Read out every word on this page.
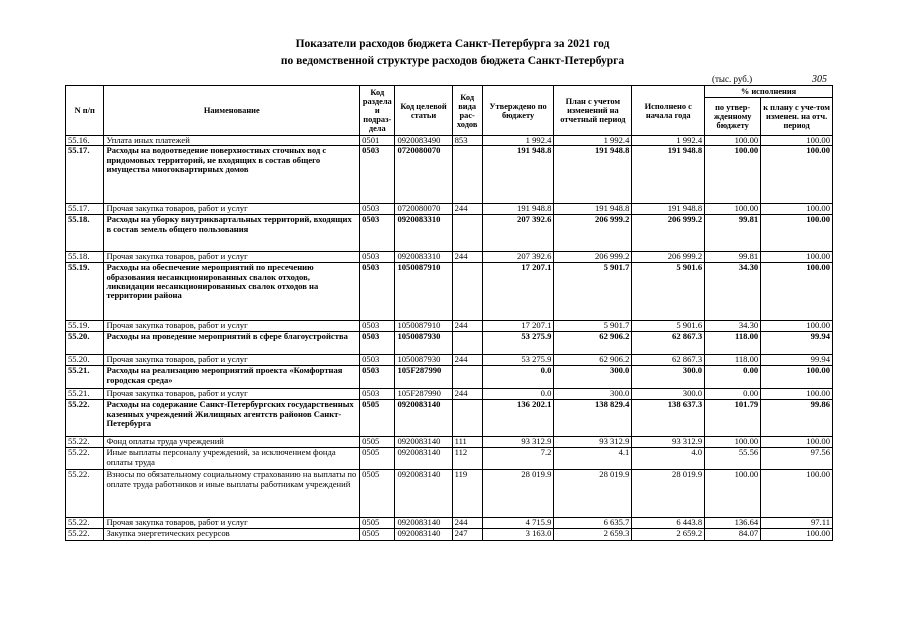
Показатели расходов бюджета Санкт-Петербурга за 2021 год
по ведомственной структуре расходов бюджета Санкт-Петербурга
(тыс. руб.)	305
N п/п	Наименование	Код раздела и подраз-дела	Код целевой статьи	Код вида рас-ходов	Утверждено по бюджету	План с учетом изменений на отчетный период	Исполнено с начала года	% исполнения	
								по утвер-жденному бюджету	к плану с уче-том изменен. на отч. период
55.16.	Уплата иных платежей	0501	0920083490	853	1 992.4	1 992.4	1 992.4	100.00	100.00
55.17.	Расходы на водоотведение поверхностных сточных вод с придомовых территорий, не входящих в состав общего имущества многоквартирных домов	0503	0720080070		191 948.8	191 948.8	191 948.8	100.00	100.00
55.17.	Прочая закупка товаров, работ и услуг	0503	0720080070	244	191 948.8	191 948.8	191 948.8	100.00	100.00
55.18.	Расходы на уборку внутриквартальных территорий, входящих в состав земель общего пользования	0503	0920083310		207 392.6	206 999.2	206 999.2	99.81	100.00
55.18.	Прочая закупка товаров, работ и услуг	0503	0920083310	244	207 392.6	206 999.2	206 999.2	99.81	100.00
55.19.	Расходы на обеспечение мероприятий по пресечению образования несанкционированных свалок отходов, ликвидации несанкционированных свалок отходов на территории района	0503	1050087910		17 207.1	5 901.7	5 901.6	34.30	100.00
55.19.	Прочая закупка товаров, работ и услуг	0503	1050087910	244	17 207.1	5 901.7	5 901.6	34.30	100.00
55.20.	Расходы на проведение мероприятий в сфере благоустройства	0503	1050087930		53 275.9	62 906.2	62 867.3	118.00	99.94
55.20.	Прочая закупка товаров, работ и услуг	0503	1050087930	244	53 275.9	62 906.2	62 867.3	118.00	99.94
55.21.	Расходы на реализацию мероприятий проекта «Комфортная городская среда»	0503	105F287990		0.0	300.0	300.0	0.00	100.00
55.21.	Прочая закупка товаров, работ и услуг	0503	105F287990	244	0.0	300.0	300.0	0.00	100.00
55.22.	Расходы на содержание Санкт-Петербургских государственных казенных учреждений Жилищных агентств районов Санкт-Петербурга	0505	0920083140		136 202.1	138 829.4	138 637.3	101.79	99.86
55.22.	Фонд оплаты труда учреждений	0505	0920083140	111	93 312.9	93 312.9	93 312.9	100.00	100.00
55.22.	Иные выплаты персоналу учреждений, за исключением фонда оплаты труда	0505	0920083140	112	7.2	4.1	4.0	55.56	97.56
55.22.	Взносы по обязательному социальному страхованию на выплаты по оплате труда работников и иные выплаты работникам учреждений	0505	0920083140	119	28 019.9	28 019.9	28 019.9	100.00	100.00
55.22.	Прочая закупка товаров, работ и услуг	0505	0920083140	244	4 715.9	6 635.7	6 443.8	136.64	97.11
55.22.	Закупка энергетических ресурсов	0505	0920083140	247	3 163.0	2 659.3	2 659.2	84.07	100.00
